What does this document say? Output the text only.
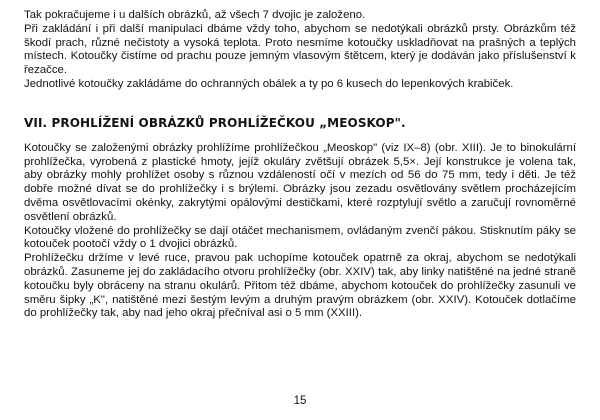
Tak pokračujeme i u dalších obrázků, až všech 7 dvojic je založeno.
Při zakládání i při další manipulaci dbáme vždy toho, abychom se nedotýkali obrázků prsty. Obrázkům též škodí prach, různé nečistoty a vysoká teplota. Proto nesmíme kotoučky uskladňovat na prašných a teplých místech. Kotoučky čistíme od prachu pouze jemným vlasovým štětcem, který je dodáván jako příslušenství k řezačce.
Jednotlivé kotoučky zakládáme do ochranných obálek a ty po 6 kusech do lepenkových krabiček.

VII. PROHLÍŽENÍ OBRÁZKŮ PROHLÍŽEČKOU „MEOSKOP".

Kotoučky se založenými obrázky prohlížíme prohlížečkou „Meoskop" (viz IX–8) (obr. XIII). Je to binokulární prohlížečka, vyrobená z plastické hmoty, jejíž okuláry zvětšují obrázek 5,5×. Její konstrukce je volena tak, aby obrázky mohly prohlížet osoby s různou vzdáleností očí v mezích od 56 do 75 mm, tedy i děti. Je též dobře možné dívat se do prohlížečky i s brýlemi. Obrázky jsou zezadu osvětlovány světlem procházejícím dvěma osvětlovacími okénky, zakrytými opálovými destičkami, které rozptylují světlo a zaručují rovnoměrné osvětlení obrázků.

Kotoučky vložené do prohlížečky se dají otáčet mechanismem, ovládaným zvenčí pákou. Stisknutím páky se kotouček pootočí vždy o 1 dvojici obrázků.

Prohlížečku držíme v levé ruce, pravou pak uchopíme kotouček opatrně za okraj, abychom se nedotýkali obrázků. Zasuneme jej do zakládacího otvoru prohlížečky (obr. XXIV) tak, aby linky natištěné na jedné straně kotoučku byly obráceny na stranu okulárů. Přitom též dbáme, abychom kotouček do prohlížečky zasunuli ve směru šipky „K", natištěné mezi šestým levým a druhým pravým obrázkem (obr. XXIV). Kotouček dotlačíme do prohlížečky tak, aby nad jeho okraj přečníval asi o 5 mm (XXIII).

15
